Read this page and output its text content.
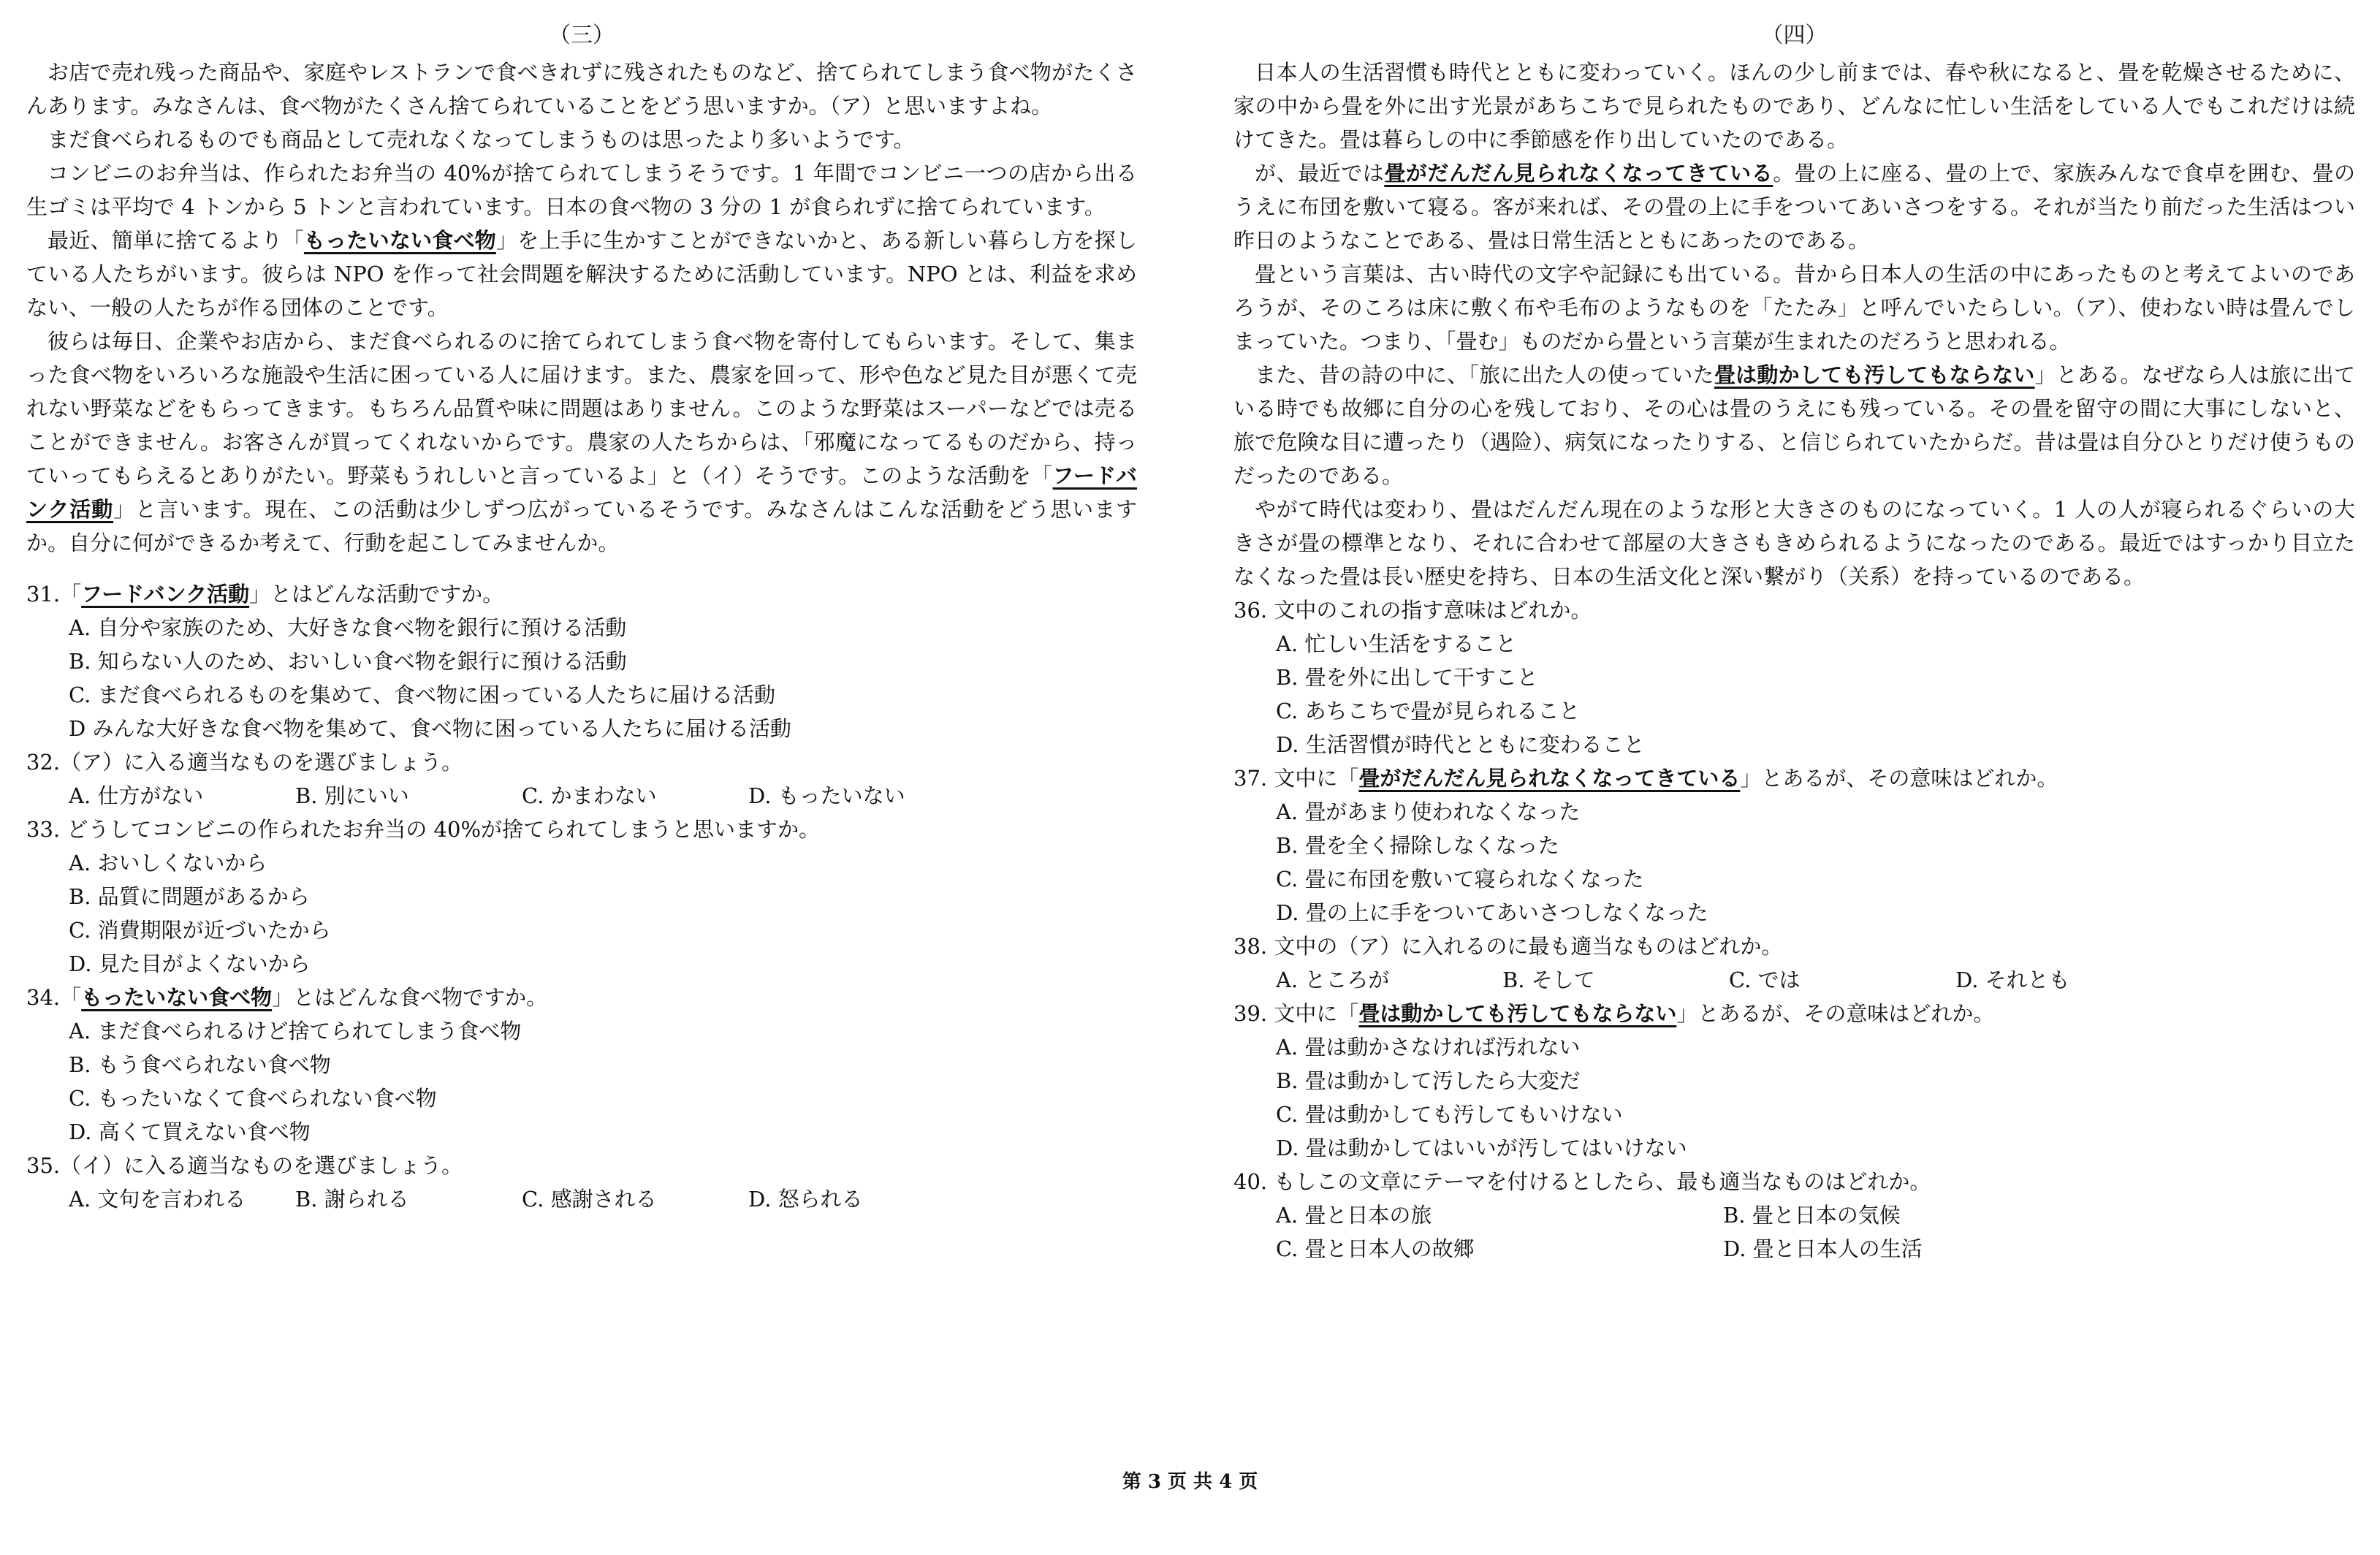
（三）

お店で売れ残った商品や、家庭やレストランで食べきれずに残されたものなど、捨てられてしまう食べ物がたくさんあります。みなさんは、食べ物がたくさん捨てられていることをどう思いますか。（ア）と思いますよね。

まだ食べられるものでも商品として売れなくなってしまうものは思ったより多いようです。

コンビニのお弁当は、作られたお弁当の 40%が捨てられてしまうそうです。1 年間でコンビニ一つの店から出る生ゴミは平均で 4 トンから 5 トンと言われています。日本の食べ物の 3 分の 1 が食られずに捨てられています。

最近、簡単に捨てるより「もったいない食べ物」を上手に生かすことができないかと、ある新しい暮らし方を探している人たちがいます。彼らは NPO を作って社会問題を解決するために活動しています。NPO とは、利益を求めない、一般の人たちが作る団体のことです。

彼らは毎日、企業やお店から、まだ食べられるのに捨てられてしまう食べ物を寄付してもらいます。そして、集まった食べ物をいろいろな施設や生活に困っている人に届けます。また、農家を回って、形や色など見た目が悪くて売れない野菜などをもらってきます。もちろん品質や味に問題はありません。このような野菜はスーパーなどでは売ることができません。お客さんが買ってくれないからです。農家の人たちからは、「邪魔になってるものだから、持っていってもらえるとありがたい。野菜もうれしいと言っているよ」と（イ）そうです。このような活動を「フードバンク活動」と言います。現在、この活動は少しずつ広がっているそうです。みなさんはこんな活動をどう思いますか。自分に何ができるか考えて、行動を起こしてみませんか。

31.「フードバンク活動」とはどんな活動ですか。
A. 自分や家族のため、大好きな食べ物を銀行に預ける活動
B. 知らない人のため、おいしい食べ物を銀行に預ける活動
C. まだ食べられるものを集めて、食べ物に困っている人たちに届ける活動
D みんな大好きな食べ物を集めて、食べ物に困っている人たちに届ける活動
32.（ア）に入る適当なものを選びましょう。
A. 仕方がない	B. 別にいい	C. かまわない	D. もったいない
33. どうしてコンビニの作られたお弁当の 40%が捨てられてしまうと思いますか。
A. おいしくないから
B. 品質に問題があるから
C. 消費期限が近づいたから
D. 見た目がよくないから
34.「もったいない食べ物」とはどんな食べ物ですか。
A. まだ食べられるけど捨てられてしまう食べ物
B. もう食べられない食べ物
C. もったいなくて食べられない食べ物
D. 高くて買えない食べ物
35.（イ）に入る適当なものを選びましょう。
A. 文句を言われる	B. 謝られる	C. 感謝される	D. 怒られる
（四）

日本人の生活習慣も時代とともに変わっていく。ほんの少し前までは、春や秋になると、畳を乾燥させるために、家の中から畳を外に出す光景があちこちで見られたものであり、どんなに忙しい生活をしている人でもこれだけは続けてきた。畳は暮らしの中に季節感を作り出していたのである。

が、最近では畳がだんだん見られなくなってきている。畳の上に座る、畳の上で、家族みんなで食卓を囲む、畳のうえに布団を敷いて寝る。客が来れば、その畳の上に手をついてあいさつをする。それが当たり前だった生活はつい昨日のようなことである、畳は日常生活とともにあったのである。

畳という言葉は、古い時代の文字や記録にも出ている。昔から日本人の生活の中にあったものと考えてよいのであろうが、そのころは床に敷く布や毛布のようなものを「たたみ」と呼んでいたらしい。（ア）、使わない時は畳んでしまっていた。つまり、「畳む」ものだから畳という言葉が生まれたのだろうと思われる。

また、昔の詩の中に、「旅に出た人の使っていた畳は動かしても汚してもならない」とある。なぜなら人は旅に出ている時でも故郷に自分の心を残しており、その心は畳のうえにも残っている。その畳を留守の間に大事にしないと、旅で危険な目に遭ったり（遇险）、病気になったりする、と信じられていたからだ。昔は畳は自分ひとりだけ使うものだったのである。

やがて時代は変わり、畳はだんだん現在のような形と大きさのものになっていく。1 人の人が寝られるぐらいの大きさが畳の標準となり、それに合わせて部屋の大きさもきめられるようになったのである。最近ではすっかり目立たなくなった畳は長い歴史を持ち、日本の生活文化と深い繋がり（关系）を持っているのである。

36. 文中のこれの指す意味はどれか。
A. 忙しい生活をすること
B. 畳を外に出して干すこと
C. あちこちで畳が見られること
D. 生活習慣が時代とともに変わること
37. 文中に「畳がだんだん見られなくなってきている」とあるが、その意味はどれか。
A. 畳があまり使われなくなった
B. 畳を全く掃除しなくなった
C. 畳に布団を敷いて寝られなくなった
D. 畳の上に手をついてあいさつしなくなった
38. 文中の（ア）に入れるのに最も適当なものはどれか。
A. ところが	B. そして	C. では	D. それとも
39. 文中に「畳は動かしても汚してもならない」とあるが、その意味はどれか。
A. 畳は動かさなければ汚れない
B. 畳は動かして汚したら大変だ
C. 畳は動かしても汚してもいけない
D. 畳は動かしてはいいが汚してはいけない
40. もしこの文章にテーマを付けるとしたら、最も適当なものはどれか。
A. 畳と日本の旅	B. 畳と日本の気候
C. 畳と日本人の故郷	D. 畳と日本人の生活
第 3 页 共 4 页
